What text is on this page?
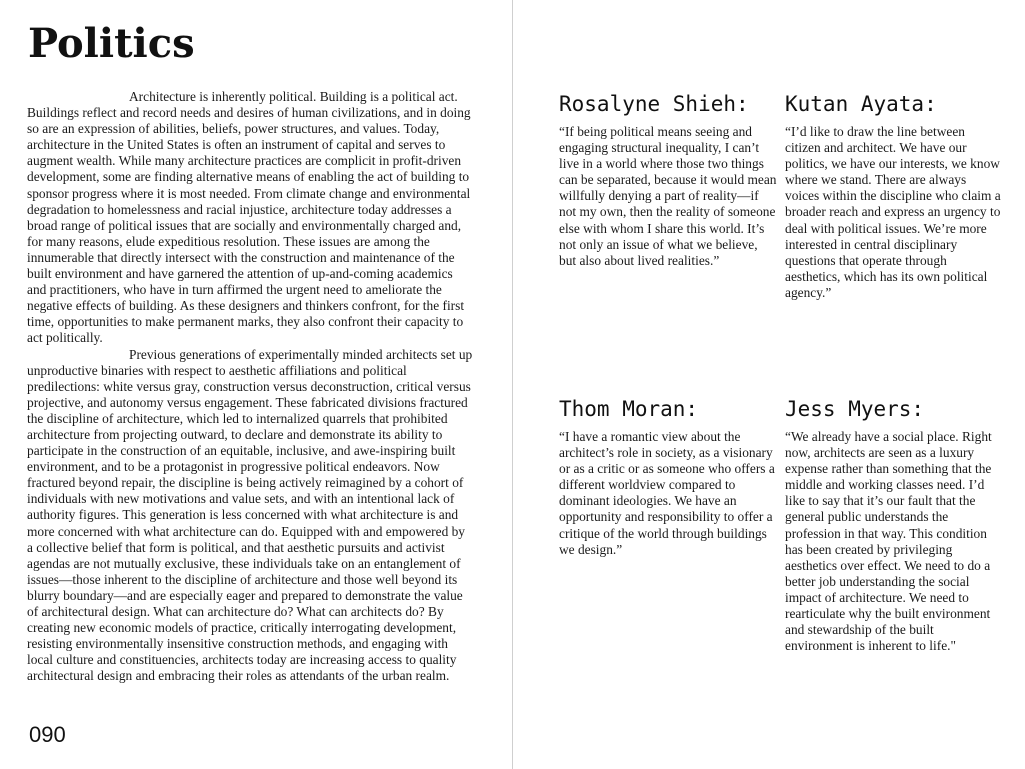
Politics

Architecture is inherently political. Building is a political act. Buildings reflect and record needs and desires of human civilizations, and in doing so are an expression of abilities, beliefs, power structures, and values. Today, architecture in the United States is often an instrument of capital and serves to augment wealth. While many architecture practices are complicit in profit-driven development, some are finding alternative means of enabling the act of building to sponsor progress where it is most needed. From climate change and environmental degradation to homelessness and racial injustice, architecture today addresses a broad range of political issues that are socially and environmentally charged and, for many reasons, elude expeditious resolution. These issues are among the innumerable that directly intersect with the construction and maintenance of the built environment and have garnered the attention of up-and-coming academics and practitioners, who have in turn affirmed the urgent need to ameliorate the negative effects of building. As these designers and thinkers confront, for the first time, opportunities to make permanent marks, they also confront their capacity to act politically.

Previous generations of experimentally minded architects set up unproductive binaries with respect to aesthetic affiliations and political predilections: white versus gray, construction versus deconstruction, critical versus projective, and autonomy versus engagement. These fabricated divisions fractured the discipline of architecture, which led to internalized quarrels that prohibited architecture from projecting outward, to declare and demonstrate its ability to participate in the construction of an equitable, inclusive, and awe-inspiring built environment, and to be a protagonist in progressive political endeavors. Now fractured beyond repair, the discipline is being actively reimagined by a cohort of individuals with new motivations and value sets, and with an intentional lack of authority figures. This generation is less concerned with what architecture is and more concerned with what architecture can do. Equipped with and empowered by a collective belief that form is political, and that aesthetic pursuits and activist agendas are not mutually exclusive, these individuals take on an entanglement of issues—those inherent to the discipline of architecture and those well beyond its blurry boundary—and are especially eager and prepared to demonstrate the value of architectural design. What can architecture do? What can architects do? By creating new economic models of practice, critically interrogating development, resisting environmentally insensitive construction methods, and engaging with local culture and constituencies, architects today are increasing access to quality architectural design and embracing their roles as attendants of the urban realm.

090
Rosalyne Shieh:

“If being political means seeing and engaging structural inequality, I can’t live in a world where those two things can be separated, because it would mean willfully denying a part of reality—if not my own, then the reality of someone else with whom I share this world. It’s not only an issue of what we believe, but also about lived realities.”

Kutan Ayata:

“I’d like to draw the line between citizen and architect. We have our politics, we have our interests, we know where we stand. There are always voices within the discipline who claim a broader reach and express an urgency to deal with political issues. We’re more interested in central disciplinary questions that operate through aesthetics, which has its own political agency.”

Thom Moran:

“I have a romantic view about the architect’s role in society, as a visionary or as a critic or as someone who offers a different worldview compared to dominant ideologies. We have an opportunity and responsibility to offer a critique of the world through buildings we design.”

Jess Myers:

“We already have a social place. Right now, architects are seen as a luxury expense rather than something that the middle and working classes need. I’d like to say that it’s our fault that the general public understands the profession in that way. This condition has been created by privileging aesthetics over effect. We need to do a better job understanding the social impact of architecture. We need to rearticulate why the built environment and stewardship of the built environment is inherent to life."
